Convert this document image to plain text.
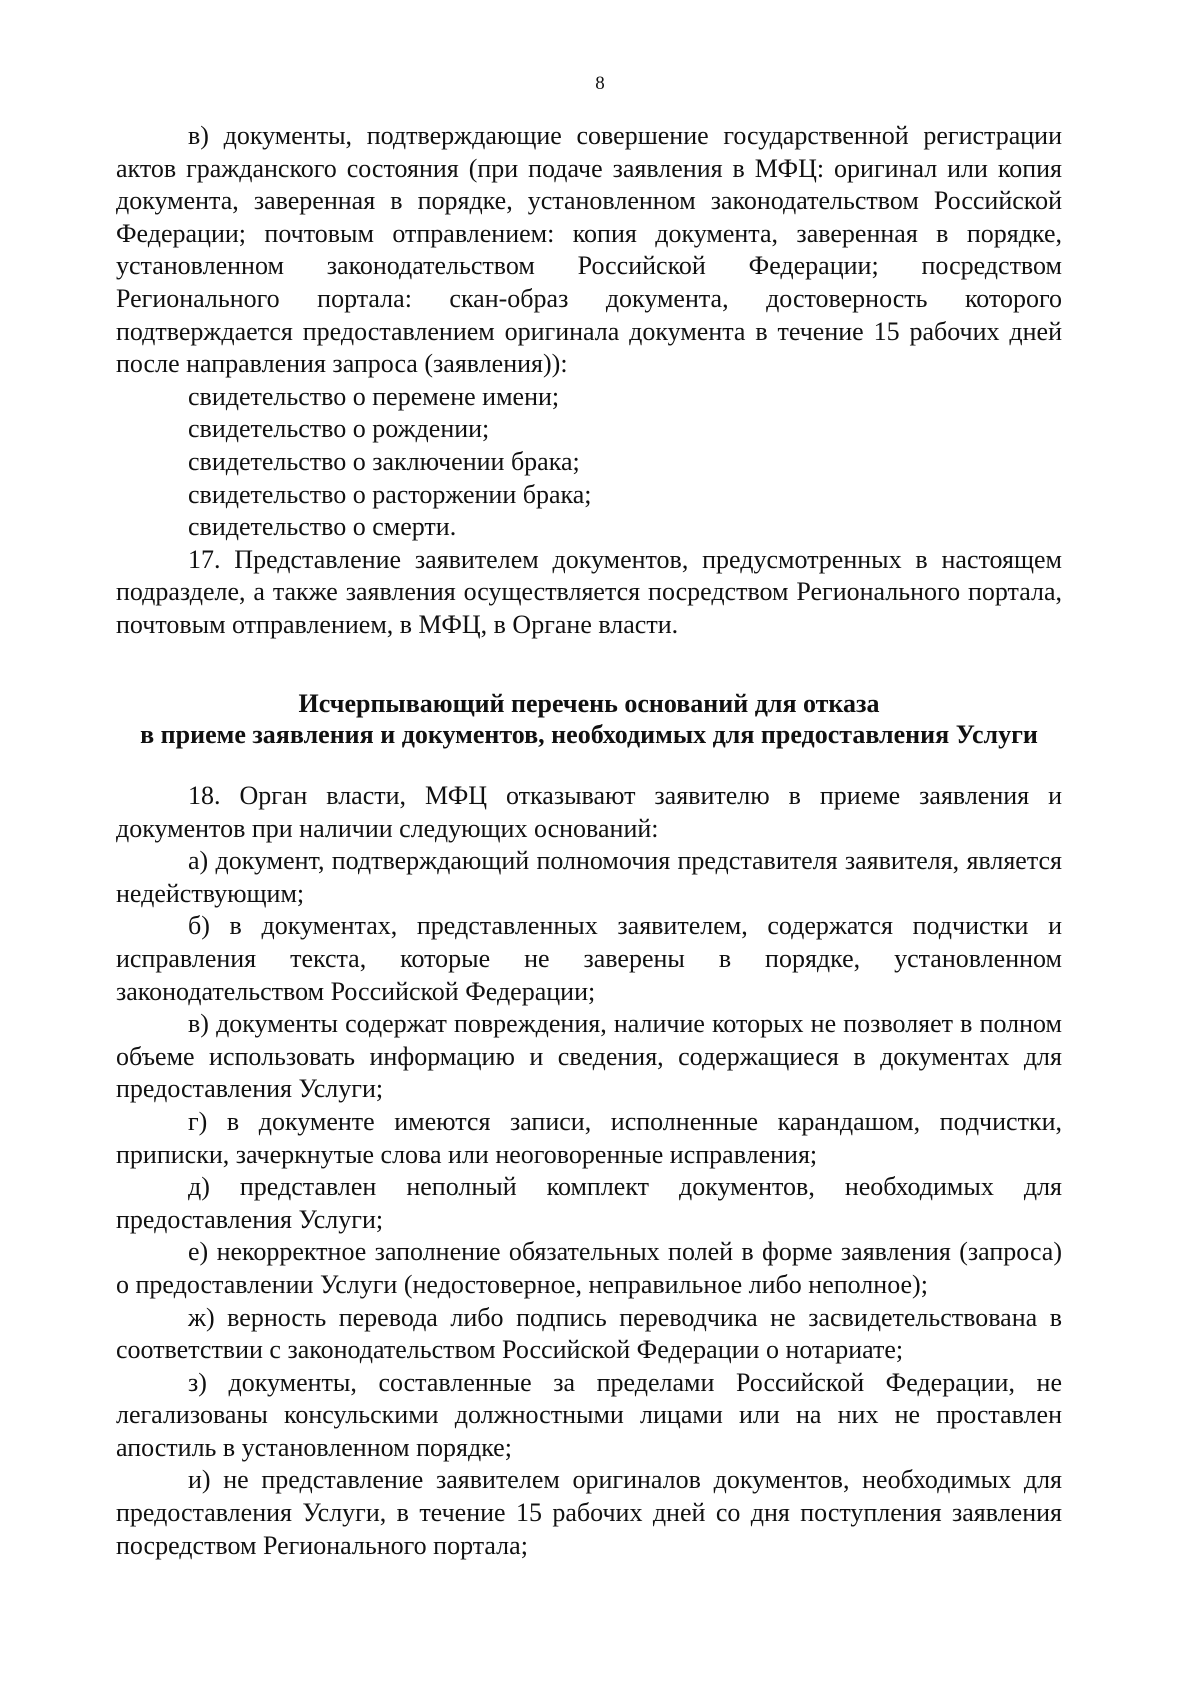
8

в) документы, подтверждающие совершение государственной регистрации актов гражданского состояния (при подаче заявления в МФЦ: оригинал или копия документа, заверенная в порядке, установленном законодательством Российской Федерации; почтовым отправлением: копия документа, заверенная в порядке, установленном законодательством Российской Федерации; посредством Регионального портала: скан-образ документа, достоверность которого подтверждается предоставлением оригинала документа в течение 15 рабочих дней после направления запроса (заявления)):

свидетельство о перемене имени;

свидетельство о рождении;

свидетельство о заключении брака;

свидетельство о расторжении брака;

свидетельство о смерти.

17. Представление заявителем документов, предусмотренных в настоящем подразделе, а также заявления осуществляется посредством Регионального портала, почтовым отправлением, в МФЦ, в Органе власти.

Исчерпывающий перечень оснований для отказа
в приеме заявления и документов, необходимых для предоставления Услуги

18. Орган власти, МФЦ отказывают заявителю в приеме заявления и документов при наличии следующих оснований:

а) документ, подтверждающий полномочия представителя заявителя, является недействующим;

б) в документах, представленных заявителем, содержатся подчистки и исправления текста, которые не заверены в порядке, установленном законодательством Российской Федерации;

в) документы содержат повреждения, наличие которых не позволяет в полном объеме использовать информацию и сведения, содержащиеся в документах для предоставления Услуги;

г) в документе имеются записи, исполненные карандашом, подчистки, приписки, зачеркнутые слова или неоговоренные исправления;

д) представлен неполный комплект документов, необходимых для предоставления Услуги;

е) некорректное заполнение обязательных полей в форме заявления (запроса) о предоставлении Услуги (недостоверное, неправильное либо неполное);

ж) верность перевода либо подпись переводчика не засвидетельствована в соответствии с законодательством Российской Федерации о нотариате;

з) документы, составленные за пределами Российской Федерации, не легализованы консульскими должностными лицами или на них не проставлен апостиль в установленном порядке;

и) не представление заявителем оригиналов документов, необходимых для предоставления Услуги, в течение 15 рабочих дней со дня поступления заявления посредством Регионального портала;
